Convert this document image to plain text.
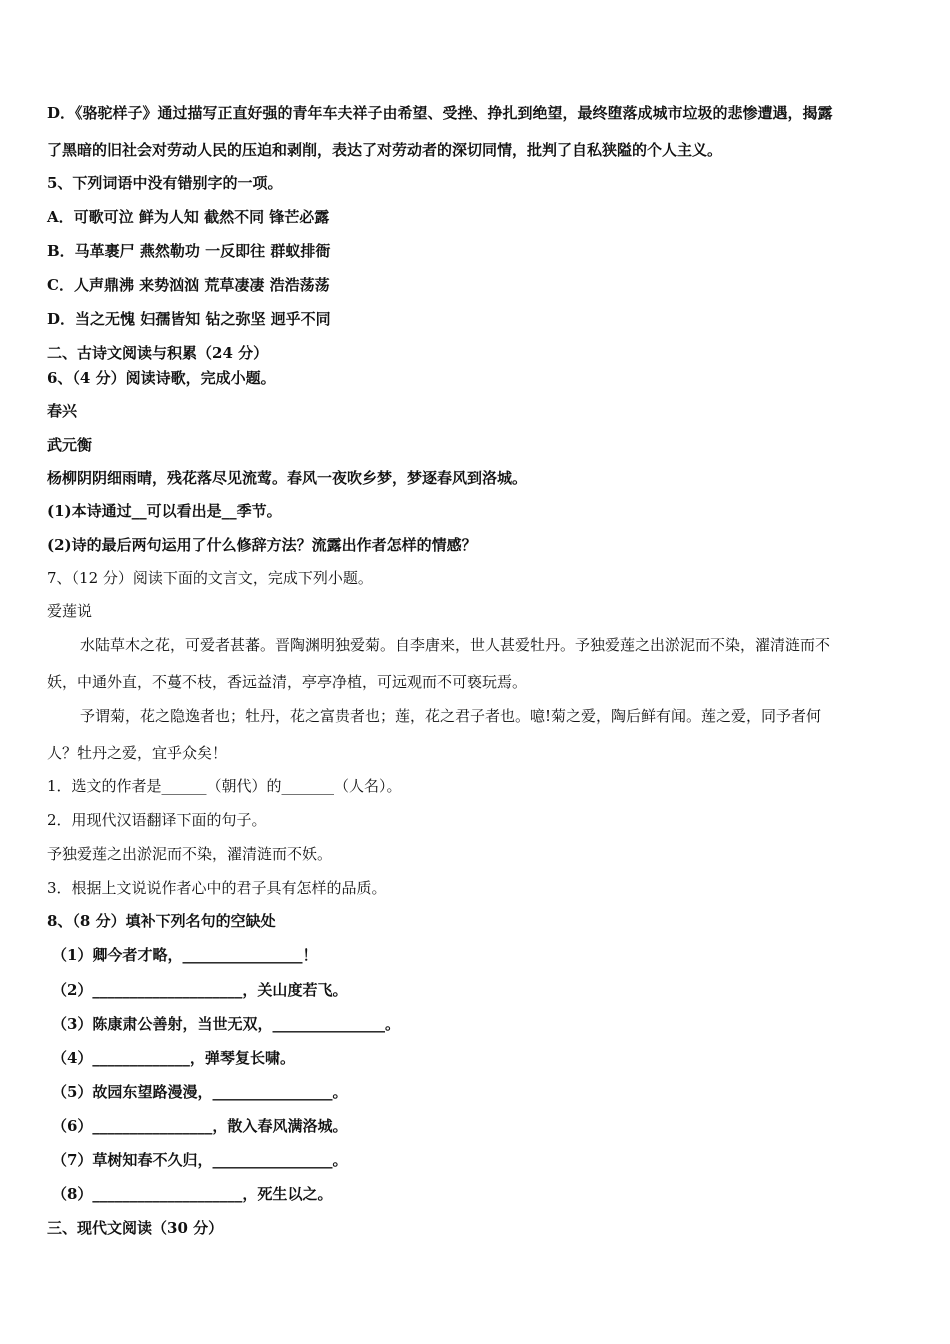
D．《骆驼样子》通过描写正直好强的青年车夫祥子由希望、受挫、挣扎到绝望，最终堕落成城市垃圾的悲惨遭遇，揭露
了黑暗的旧社会对劳动人民的压迫和剥削，表达了对劳动者的深切同情，批判了自私狭隘的个人主义。
5、下列词语中没有错别字的一项。
A．可歌可泣 鲜为人知 截然不同 锋芒必露
B．马革裹尸 燕然勒功 一反即往 群蚁排衙
C．人声鼎沸 来势汹汹 荒草凄凄 浩浩荡荡
D．当之无愧 妇孺皆知 钻之弥坚 迥乎不同
二、古诗文阅读与积累（24 分）
6、（4 分）阅读诗歌，完成小题。
春兴
武元衡
杨柳阴阴细雨晴，残花落尽见流莺。春风一夜吹乡梦，梦逐春风到洛城。
(1)本诗通过__可以看出是__季节。
(2)诗的最后两句运用了什么修辞方法？流露出作者怎样的情感？
7、（12 分）阅读下面的文言文，完成下列小题。
爱莲说
水陆草木之花，可爱者甚蕃。晋陶渊明独爱菊。自李唐来，世人甚爱牡丹。予独爱莲之出淤泥而不染，濯清涟而不
妖，中通外直，不蔓不枝，香远益清，亭亭净植，可远观而不可亵玩焉。
予谓菊，花之隐逸者也；牡丹，花之富贵者也；莲，花之君子者也。噫!菊之爱，陶后鲜有闻。莲之爱，同予者何
人？牡丹之爱，宜乎众矣！
1．选文的作者是______（朝代）的_______（人名）。
2．用现代汉语翻译下面的句子。
予独爱莲之出淤泥而不染，濯清涟而不妖。
3．根据上文说说作者心中的君子具有怎样的品质。
8、（8 分）填补下列名句的空缺处
（1）卿今者才略，________________！
（2）____________________，关山度若飞。
（3）陈康肃公善射，当世无双，_______________。
（4）_____________，弹琴复长啸。
（5）故园东望路漫漫，________________。
（6）________________，散入春风满洛城。
（7）草树知春不久归，________________。
（8）____________________，死生以之。
三、现代文阅读（30 分）
